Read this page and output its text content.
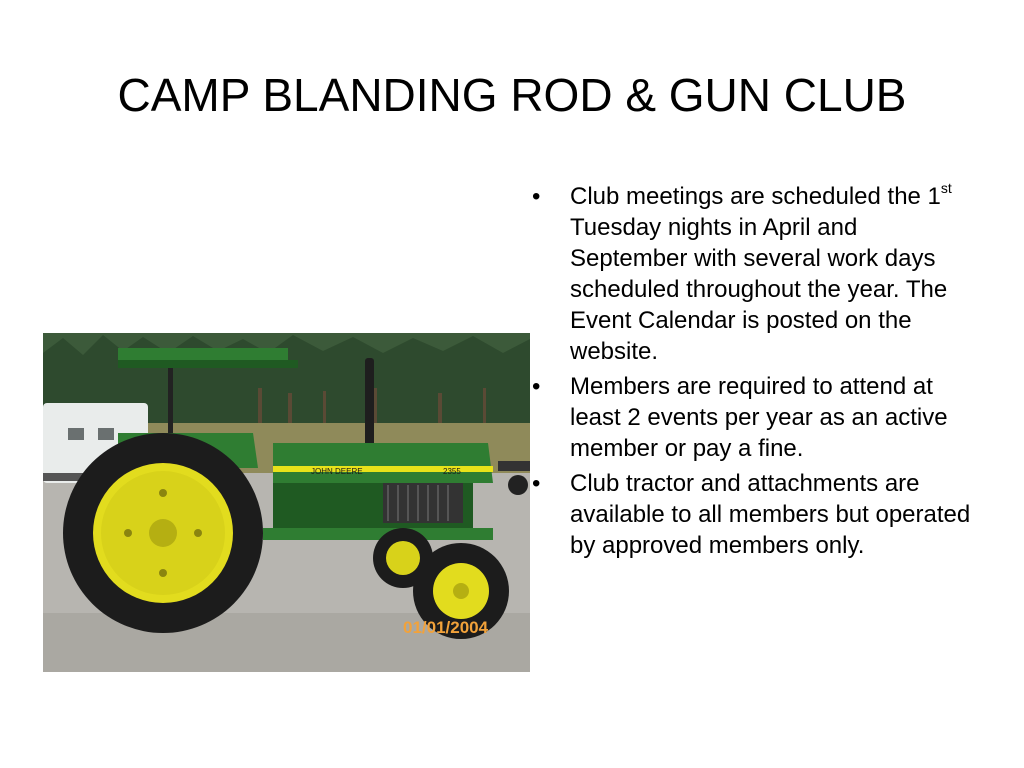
CAMP BLANDING ROD & GUN CLUB
JOHN DEERE	2355
01/01/2004
• Club meetings are scheduled the 1st Tuesday nights in April and September with several work days scheduled throughout the year. The Event Calendar is posted on the website.
• Members are required to attend at least 2 events per year as an active member or pay a fine.
• Club tractor and attachments are available to all members but operated by approved members only.
